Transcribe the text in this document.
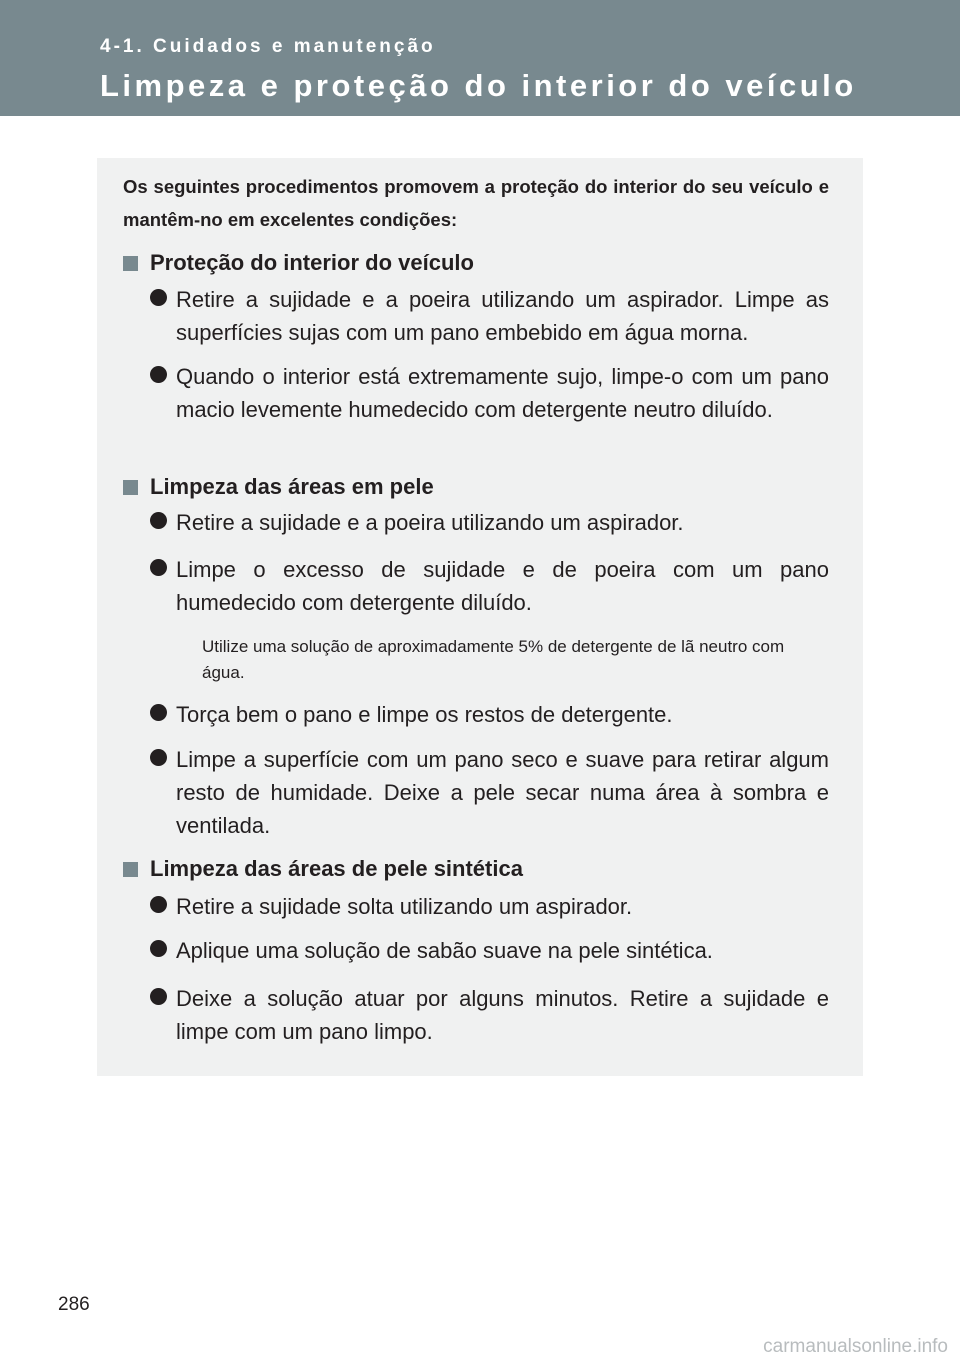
4-1. Cuidados e manutenção
Limpeza e proteção do interior do veículo
Os seguintes procedimentos promovem a proteção do interior do seu veículo e mantêm-no em excelentes condições:
Proteção do interior do veículo
Retire a sujidade e a poeira utilizando um aspirador. Limpe as superfícies sujas com um pano embebido em água morna.
Quando o interior está extremamente sujo, limpe-o com um pano macio levemente humedecido com detergente neutro diluído.
Limpeza das áreas em pele
Retire a sujidade e a poeira utilizando um aspirador.
Limpe o excesso de sujidade e de poeira com um pano humedecido com detergente diluído.
Utilize uma solução de aproximadamente 5% de detergente de lã neutro com água.
Torça bem o pano e limpe os restos de detergente.
Limpe a superfície com um pano seco e suave para retirar algum resto de humidade. Deixe a pele secar numa área à sombra e ventilada.
Limpeza das áreas de pele sintética
Retire a sujidade solta utilizando um aspirador.
Aplique uma solução de sabão suave na pele sintética.
Deixe a solução atuar por alguns minutos. Retire a sujidade e limpe com um pano limpo.
286
carmanualsonline.info
